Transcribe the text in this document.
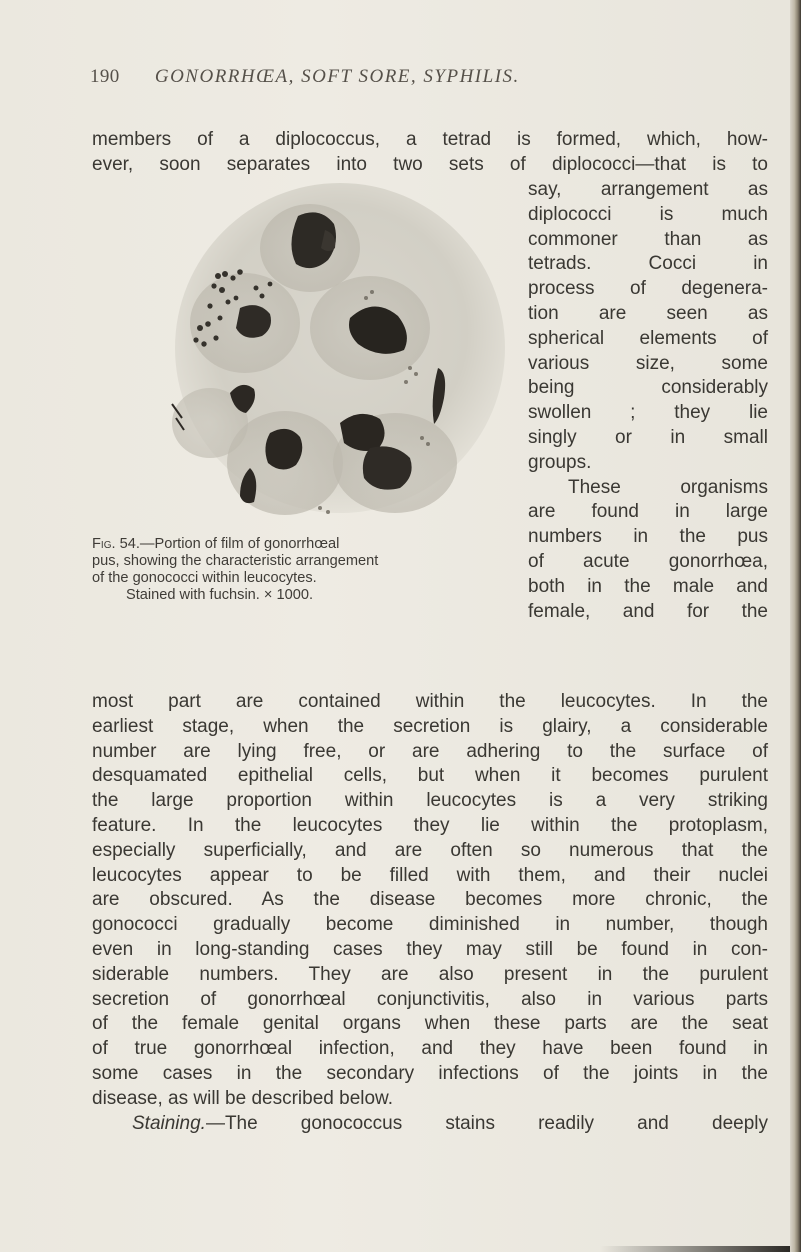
190 GONORRHŒA, SOFT SORE, SYPHILIS.
members of a diplococcus, a tetrad is formed, which, how-
ever, soon separates into two sets of diplococci—that is to
say, arrangement as
diplococci is much
commoner than as
tetrads. Cocci in
process of degenera-
tion are seen as
spherical elements of
various size, some
being considerably
swollen ; they lie
singly or in small
groups.
These organisms
are found in large
numbers in the pus
of acute gonorrhœa,
both in the male and
female, and for the
Fig. 54.—Portion of film of gonorrhœal
pus, showing the characteristic arrangement
of the gonococci within leucocytes.
Stained with fuchsin. × 1000.
most part are contained within the leucocytes. In the
earliest stage, when the secretion is glairy, a considerable
number are lying free, or are adhering to the surface of
desquamated epithelial cells, but when it becomes purulent
the large proportion within leucocytes is a very striking
feature. In the leucocytes they lie within the protoplasm,
especially superficially, and are often so numerous that the
leucocytes appear to be filled with them, and their nuclei
are obscured. As the disease becomes more chronic, the
gonococci gradually become diminished in number, though
even in long-standing cases they may still be found in con-
siderable numbers. They are also present in the purulent
secretion of gonorrhœal conjunctivitis, also in various parts
of the female genital organs when these parts are the seat
of true gonorrhœal infection, and they have been found in
some cases in the secondary infections of the joints in the
disease, as will be described below.
Staining.—The gonococcus stains readily and deeply
